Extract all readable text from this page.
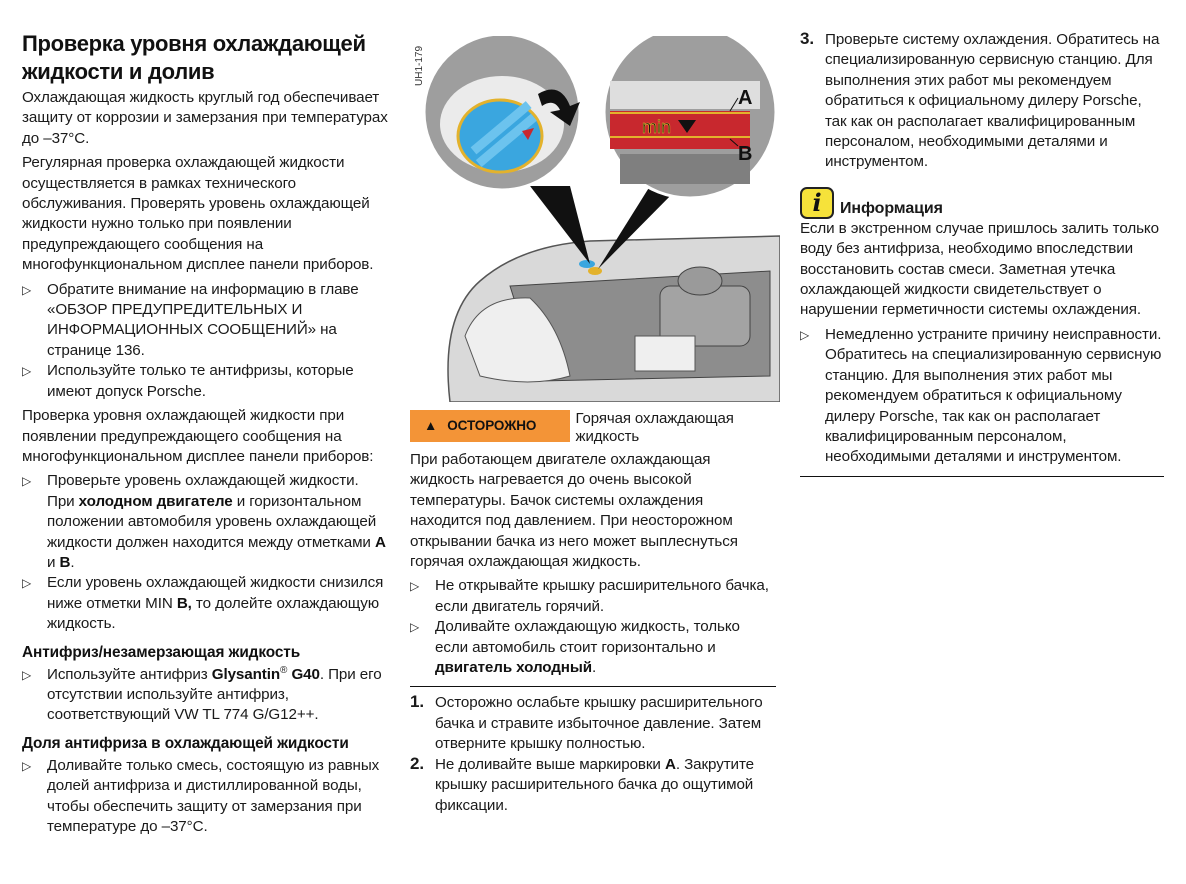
Проверка уровня охлаждающей жидкости и долив

Охлаждающая жидкость круглый год обеспечивает защиту от коррозии и замерзания при температурах до –37°C.

Регулярная проверка охлаждающей жидкости осуществляется в рамках технического обслуживания. Проверять уровень охлаждающей жидкости нужно только при появлении предупреждающего сообщения на многофункциональном дисплее панели приборов.

▷ Обратите внимание на информацию в главе «ОБЗОР ПРЕДУПРЕДИТЕЛЬНЫХ И ИНФОРМАЦИОННЫХ СООБЩЕНИЙ» на странице 136.
▷ Используйте только те антифризы, которые имеют допуск Porsche.

Проверка уровня охлаждающей жидкости при появлении предупреждающего сообщения на многофункциональном дисплее панели приборов:

▷ Проверьте уровень охлаждающей жидкости. При холодном двигателе и горизонтальном положении автомобиля уровень охлаждающей жидкости должен находится между отметками A и B.
▷ Если уровень охлаждающей жидкости снизился ниже отметки MIN B, то долейте охлаждающую жидкость.
Антифриз/незамерзающая жидкость
▷ Используйте антифриз Glysantin® G40. При его отсутствии используйте антифриз, соответствующий VW TL 774 G/G12++.
Доля антифриза в охлаждающей жидкости
▷ Доливайте только смесь, состоящую из равных долей антифриза и дистиллированной воды, чтобы обеспечить защиту от замерзания при температуре до –37°C.
min
A
B
UH1-179
▲ ОСТОРОЖНО	Горячая охлаждающая жидкость

При работающем двигателе охлаждающая жидкость нагревается до очень высокой температуры. Бачок системы охлаждения находится под давлением. При неосторожном открывании бачка из него может выплеснуться горячая охлаждающая жидкость.

▷ Не открывайте крышку расширительного бачка, если двигатель горячий.
▷ Доливайте охлаждающую жидкость, только если автомобиль стоит горизонтально и двигатель холодный.
1. Осторожно ослабьте крышку расширительного бачка и стравите избыточное давление. Затем отверните крышку полностью.
2. Не доливайте выше маркировки A. Закрутите крышку расширительного бачка до ощутимой фиксации.
3. Проверьте систему охлаждения. Обратитесь на специализированную сервисную станцию. Для выполнения этих работ мы рекомендуем обратиться к официальному дилеру Porsche, так как он располагает квалифицированным персоналом, необходимыми деталями и инструментом.
i	Информация

Если в экстренном случае пришлось залить только воду без антифриза, необходимо впоследствии восстановить состав смеси. Заметная утечка охлаждающей жидкости свидетельствует о нарушении герметичности системы охлаждения.

▷ Немедленно устраните причину неисправности. Обратитесь на специализированную сервисную станцию. Для выполнения этих работ мы рекомендуем обратиться к официальному дилеру Porsche, так как он располагает квалифицированным персоналом, необходимыми деталями и инструментом.
